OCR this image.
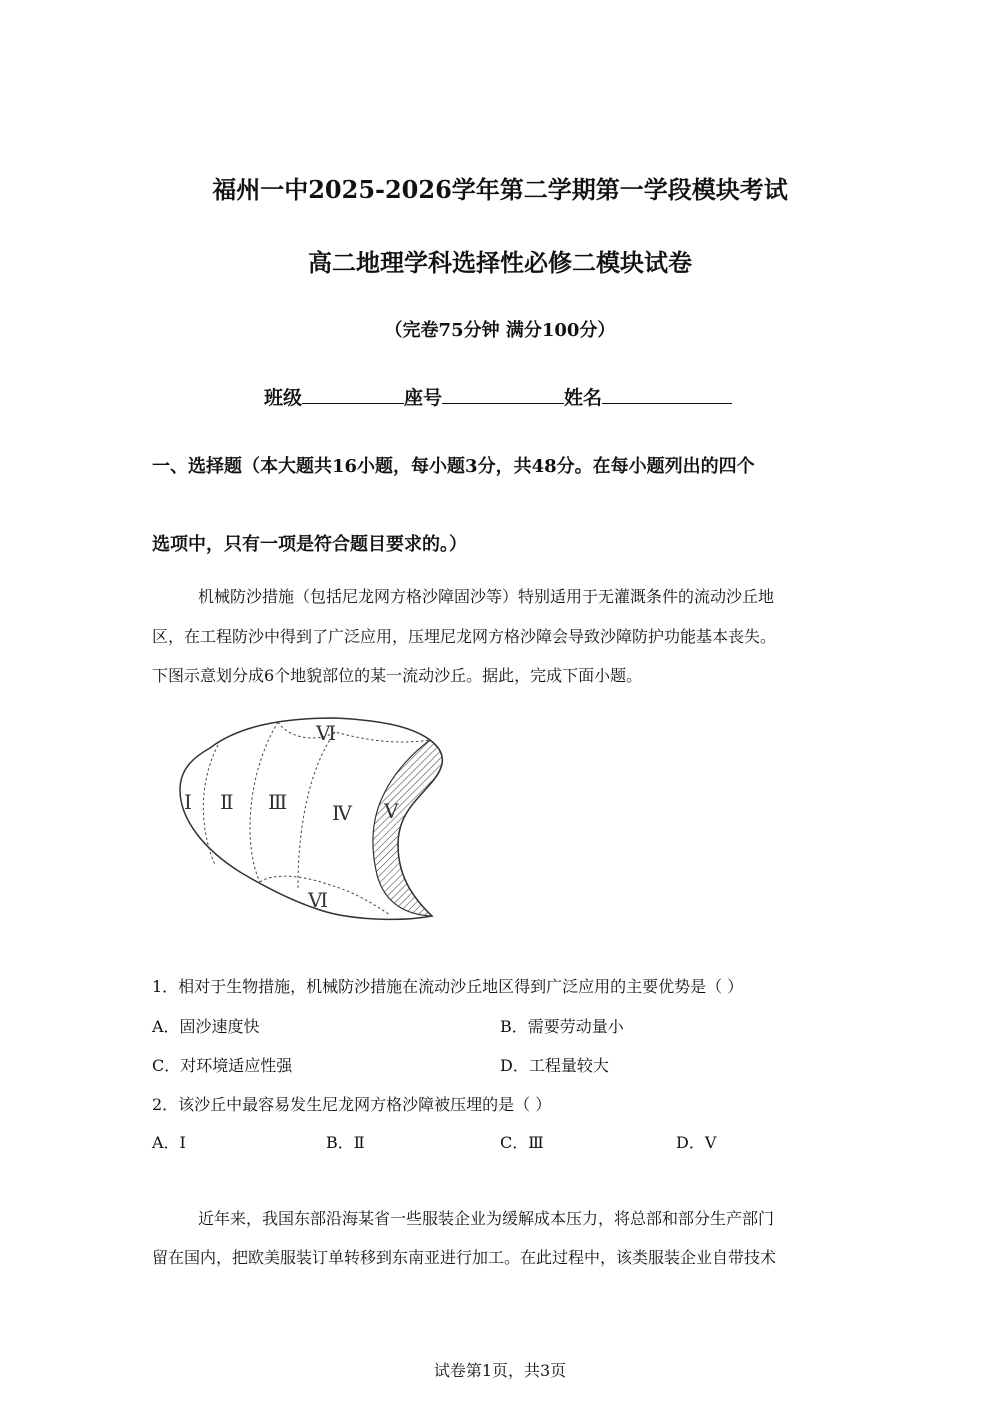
福州一中2025-2026学年第二学期第一学段模块考试
高二地理学科选择性必修二模块试卷
（完卷75分钟 满分100分）
班级	座号	姓名
一、选择题（本大题共16小题，每小题3分，共48分。在每小题列出的四个
选项中，只有一项是符合题目要求的。）
机械防沙措施（包括尼龙网方格沙障固沙等）特别适用于无灌溉条件的流动沙丘地
区，在工程防沙中得到了广泛应用，压埋尼龙网方格沙障会导致沙障防护功能基本丧失。
下图示意划分成6个地貌部位的某一流动沙丘。据此，完成下面小题。
Ⅰ Ⅱ Ⅲ Ⅳ Ⅴ
Ⅵ
Ⅵ
1．相对于生物措施，机械防沙措施在流动沙丘地区得到广泛应用的主要优势是（ ）
A．固沙速度快	B．需要劳动量小
C．对环境适应性强	D．工程量较大
2．该沙丘中最容易发生尼龙网方格沙障被压埋的是（ ）
A．Ⅰ	B．Ⅱ	C．Ⅲ	D．Ⅴ
近年来，我国东部沿海某省一些服装企业为缓解成本压力，将总部和部分生产部门
留在国内，把欧美服装订单转移到东南亚进行加工。在此过程中，该类服装企业自带技术
试卷第1页，共3页
